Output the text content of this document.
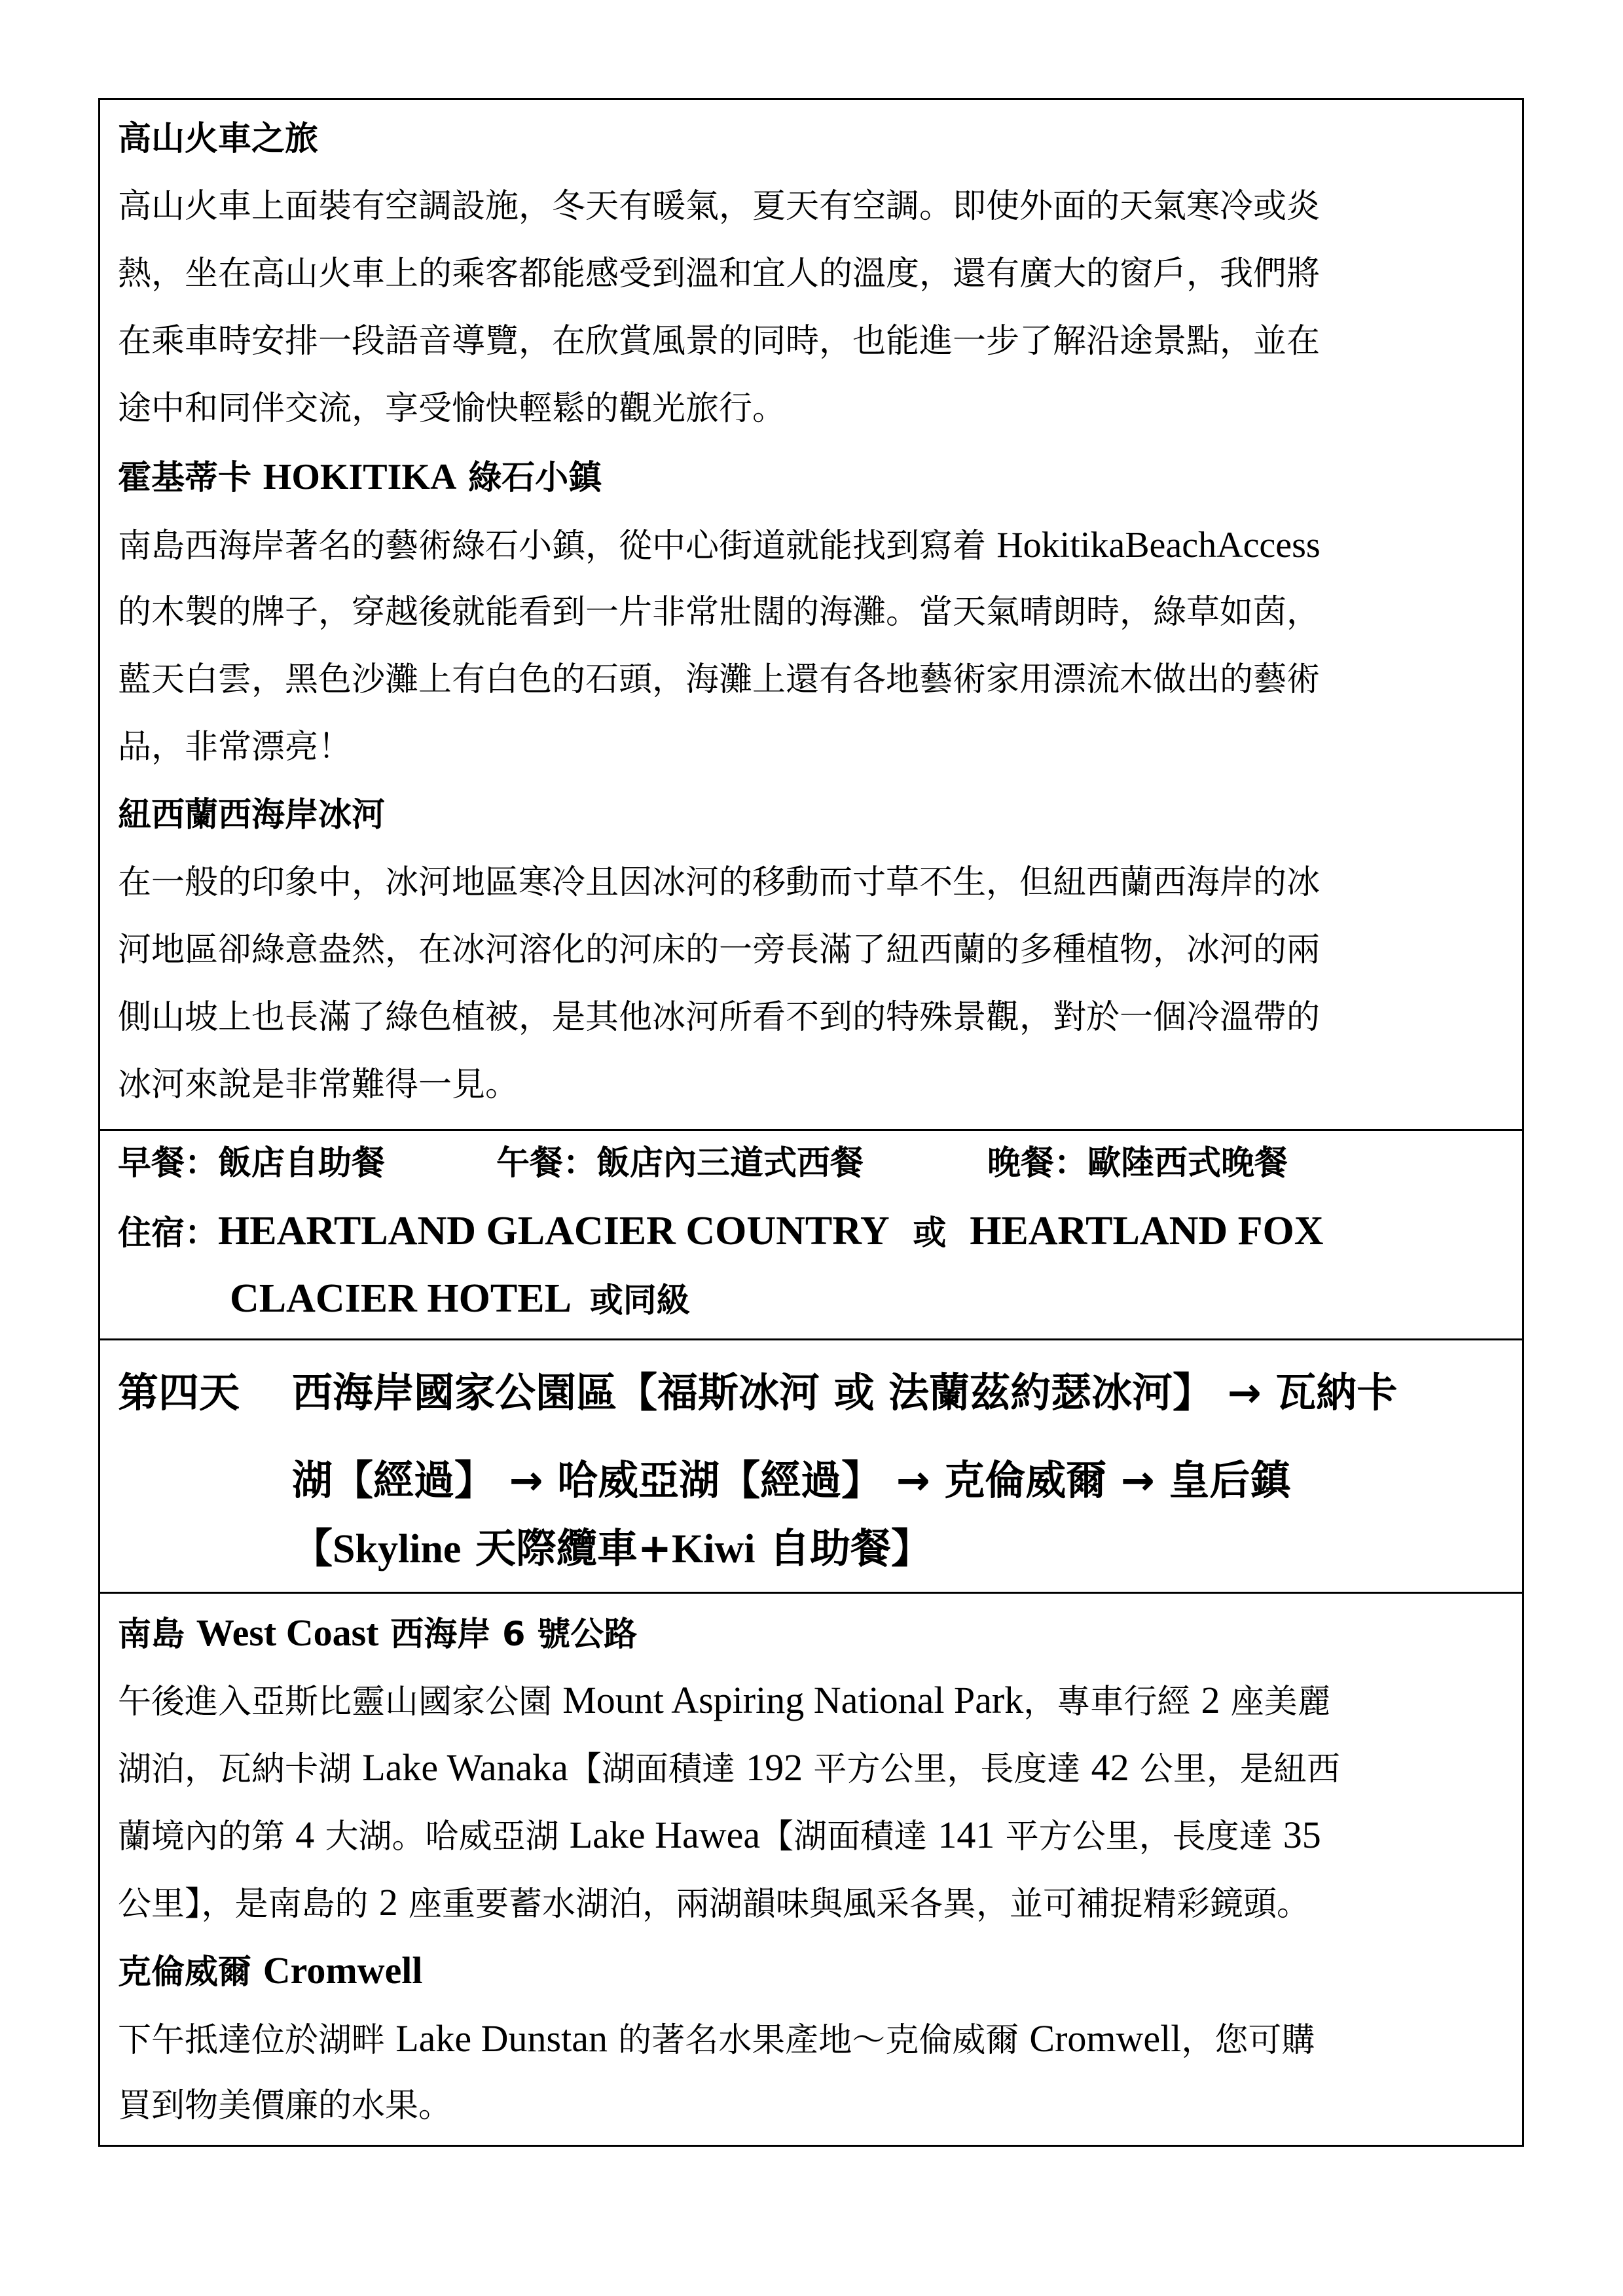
高山火車之旅
高山火車上面裝有空調設施，冬天有暖氣，夏天有空調。即使外面的天氣寒冷或炎
熱，坐在高山火車上的乘客都能感受到溫和宜人的溫度，還有廣大的窗戶，我們將
在乘車時安排一段語音導覽，在欣賞風景的同時，也能進一步了解沿途景點，並在
途中和同伴交流，享受愉快輕鬆的觀光旅行。
霍基蒂卡 HOKITIKA 綠石小鎮
南島西海岸著名的藝術綠石小鎮，從中心街道就能找到寫着 HokitikaBeachAccess
的木製的牌子，穿越後就能看到一片非常壯闊的海灘。當天氣晴朗時，綠草如茵，
藍天白雲，黑色沙灘上有白色的石頭，海灘上還有各地藝術家用漂流木做出的藝術
品，非常漂亮！
紐西蘭西海岸冰河
在一般的印象中，冰河地區寒冷且因冰河的移動而寸草不生，但紐西蘭西海岸的冰
河地區卻綠意盎然，在冰河溶化的河床的一旁長滿了紐西蘭的多種植物，冰河的兩
側山坡上也長滿了綠色植被，是其他冰河所看不到的特殊景觀，對於一個冷溫帶的
冰河來說是非常難得一見。
早餐：飯店自助餐	午餐：飯店內三道式西餐	晚餐：歐陸西式晚餐
住宿：HEARTLAND GLACIER COUNTRY 或 HEARTLAND FOX
CLACIER HOTEL 或同級
第四天 西海岸國家公園區【福斯冰河 或 法蘭茲約瑟冰河】 → 瓦納卡
湖【經過】 → 哈威亞湖【經過】 → 克倫威爾 → 皇后鎮
【Skyline 天際纜車+Kiwi 自助餐】
南島 West Coast 西海岸 6 號公路
午後進入亞斯比靈山國家公園 Mount Aspiring National Park，專車行經 2 座美麗
湖泊，瓦納卡湖 Lake Wanaka【湖面積達 192 平方公里，長度達 42 公里，是紐西
蘭境內的第 4 大湖。哈威亞湖 Lake Hawea【湖面積達 141 平方公里，長度達 35
公里】，是南島的 2 座重要蓄水湖泊，兩湖韻味與風采各異，並可補捉精彩鏡頭。
克倫威爾 Cromwell
下午抵達位於湖畔 Lake Dunstan 的著名水果產地～克倫威爾 Cromwell，您可購
買到物美價廉的水果。
